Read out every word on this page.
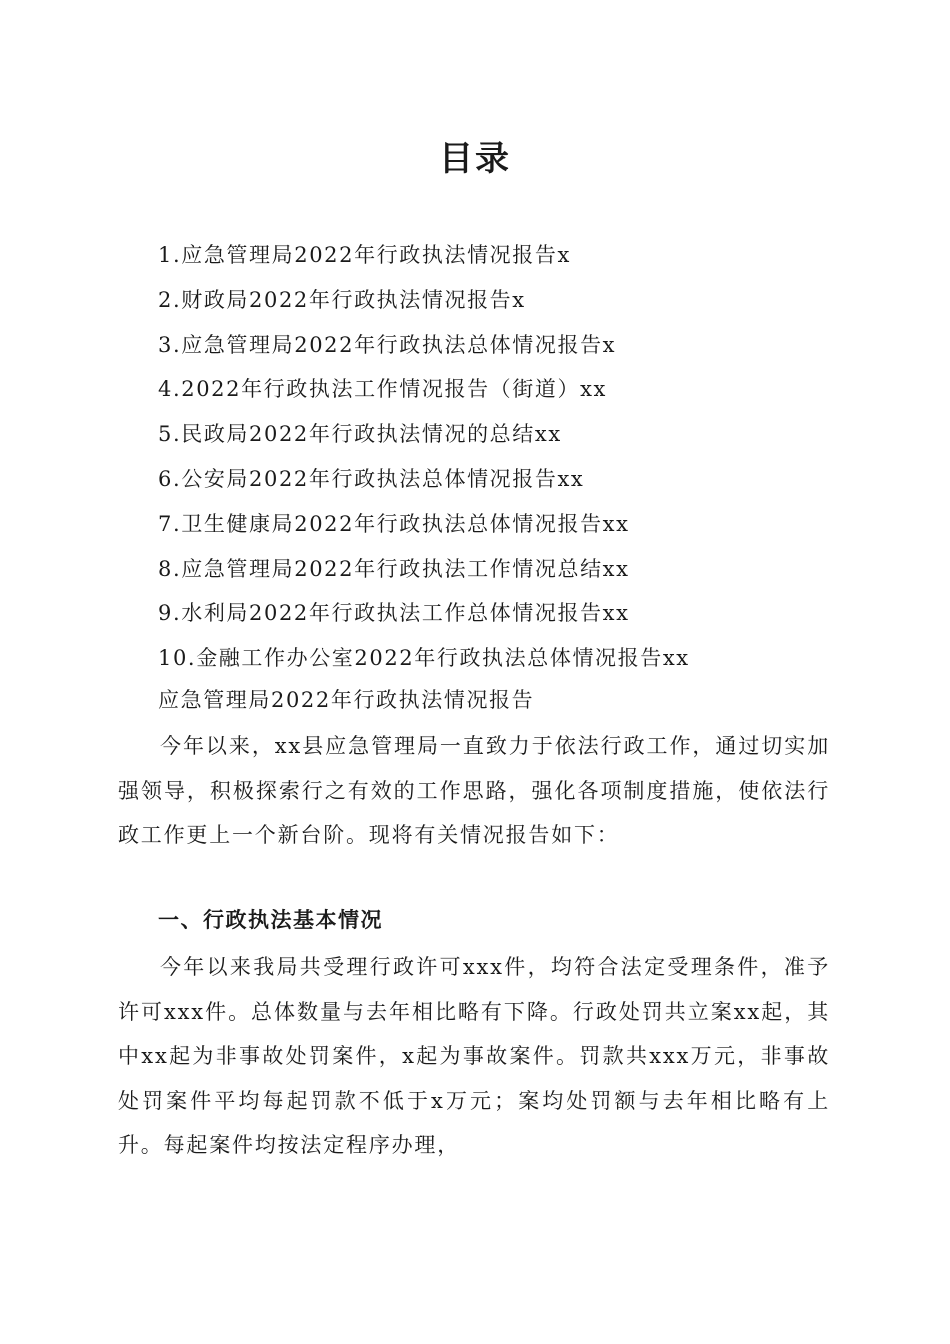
目录
1.应急管理局2022年行政执法情况报告x
2.财政局2022年行政执法情况报告x
3.应急管理局2022年行政执法总体情况报告x
4.2022年行政执法工作情况报告（街道）xx
5.民政局2022年行政执法情况的总结xx
6.公安局2022年行政执法总体情况报告xx
7.卫生健康局2022年行政执法总体情况报告xx
8.应急管理局2022年行政执法工作情况总结xx
9.水利局2022年行政执法工作总体情况报告xx
10.金融工作办公室2022年行政执法总体情况报告xx
应急管理局2022年行政执法情况报告

今年以来，xx县应急管理局一直致力于依法行政工作，通过切实加强领导，积极探索行之有效的工作思路，强化各项制度措施，使依法行政工作更上一个新台阶。现将有关情况报告如下：

一、行政执法基本情况

今年以来我局共受理行政许可xxx件，均符合法定受理条件，准予许可xxx件。总体数量与去年相比略有下降。行政处罚共立案xx起，其中xx起为非事故处罚案件，x起为事故案件。罚款共xxx万元，非事故处罚案件平均每起罚款不低于x万元；案均处罚额与去年相比略有上升。每起案件均按法定程序办理，
